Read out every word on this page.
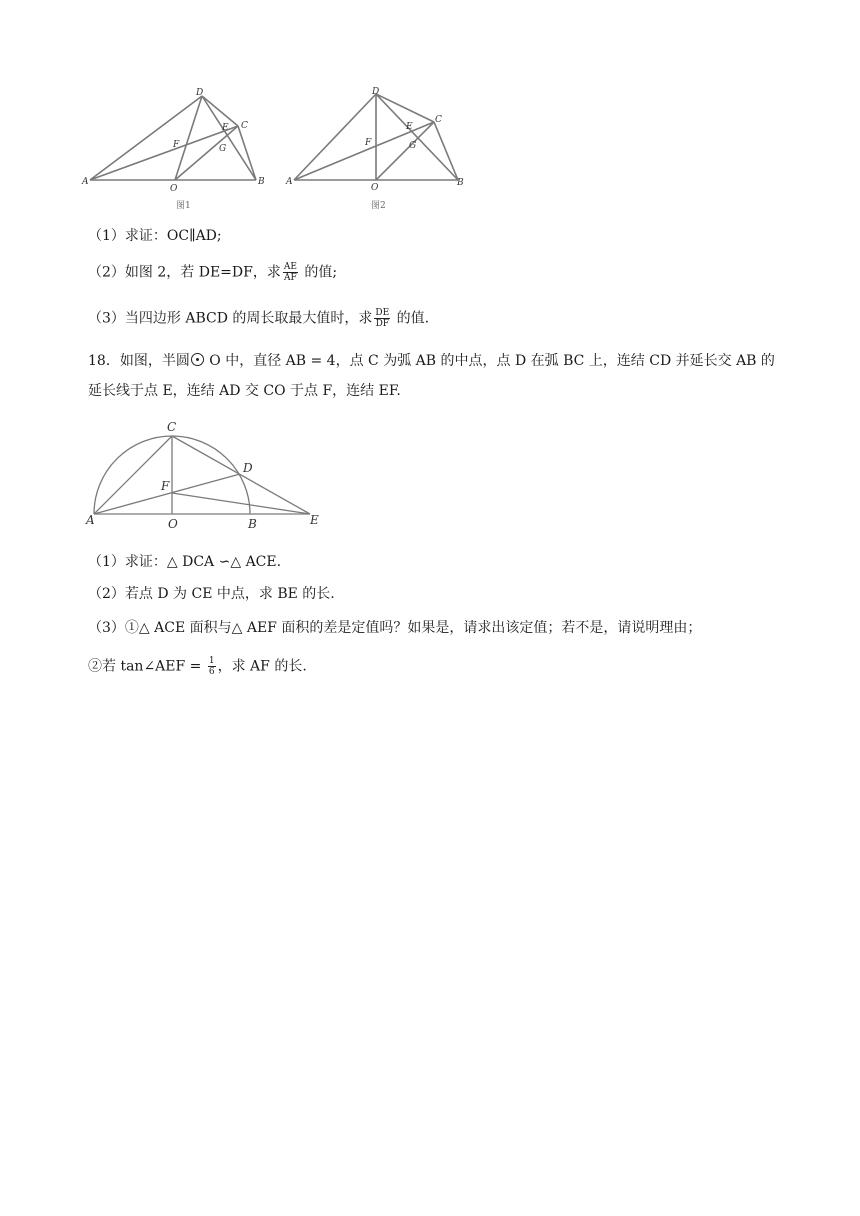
D
E C
F	G
A
O
B
图1
D
E
C
F	G
A
O	B
图2
（1）求证：OC∥AD;
（2）如图 2，若 DE=DF，求 $\frac{AE}{AF}$ 的值;
（3）当四边形 ABCD 的周长取最大值时，求 $\frac{DE}{DF}$ 的值.
18．如图，半圆
O 中，直径 AB = 4，点 C 为弧 AB 的中点，点 D 在弧 BC 上，连结 CD 并延长交 AB 的延长线于点 E，连结 AD 交 CO 于点 F，连结 EF.
C
D
F
A	O	B	E
（1）求证：△ DCA ∽△ ACE.
（2）若点 D 为 CE 中点，求 BE 的长.
（3）①△ ACE 面积与△ AEF 面积的差是定值吗？如果是，请求出该定值；若不是，请说明理由；
②若 tan∠AEF = $\frac{1}{6}$ ，求 AF 的长.
